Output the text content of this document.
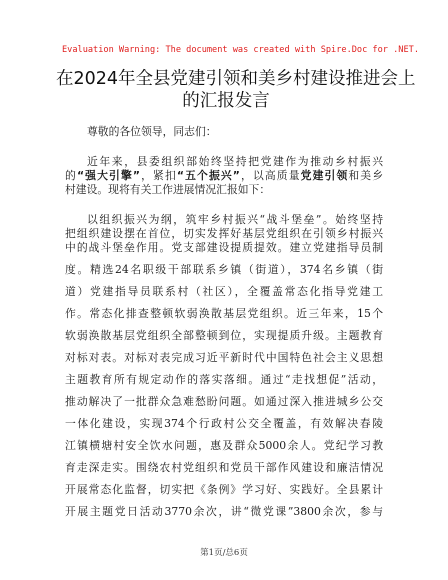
Evaluation Warning: The document was created with Spire.Doc for .NET.
在2024年全县党建引领和美乡村建设推进会上
的汇报发言
尊敬的各位领导，同志们：
近年来，县委组织部始终坚持把党建作为推动乡村振兴
的“强大引擎”，紧扣“五个振兴”，以高质量党建引领和美乡
村建设。现将有关工作进展情况汇报如下：
以组织振兴为纲，筑牢乡村振兴“战斗堡垒”。始终坚持
把组织建设摆在首位，切实发挥好基层党组织在引领乡村振兴
中的战斗堡垒作用。党支部建设提质提效。建立党建指导员制
度。精选24名职级干部联系乡镇（街道），374名乡镇（街
道）党建指导员联系村（社区），全覆盖常态化指导党建工
作。常态化排查整顿软弱涣散基层党组织。近三年来，15个
软弱涣散基层党组织全部整顿到位，实现提质升级。主题教育
对标对表。对标对表完成习近平新时代中国特色社会主义思想
主题教育所有规定动作的落实落细。通过“走找想促”活动，
推动解决了一批群众急难愁盼问题。如通过深入推进城乡公交
一体化建设，实现374个行政村公交全覆盖，有效解决春陵
江镇横塘村安全饮水问题，惠及群众5000余人。党纪学习教
育走深走实。围绕农村党组织和党员干部作风建设和廉洁情况
开展常态化监督，切实把《条例》学习好、实践好。全县累计
开展主题党日活动3770余次，讲“微党课”3800余次，参与
第1页/总6页
